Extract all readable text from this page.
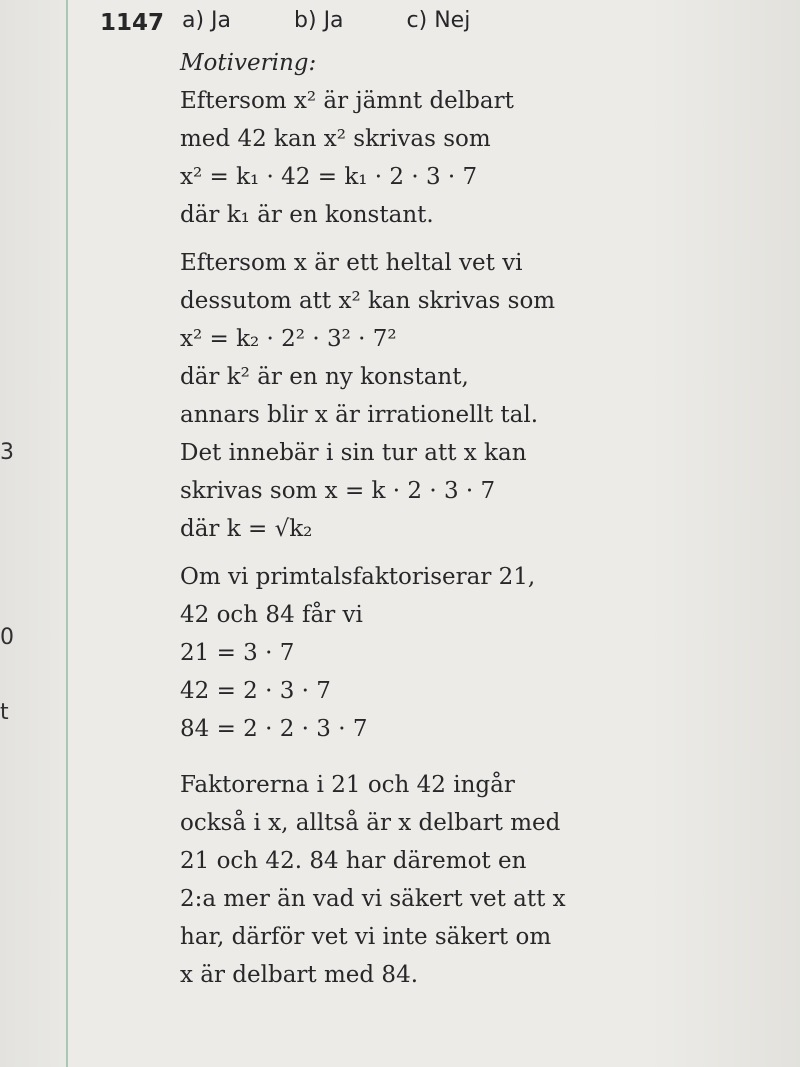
3
0
t
1147 a) Ja	b) Ja	c) Nej
Motivering:
Eftersom x² är jämnt delbart
med 42 kan x² skrivas som
x² = k₁ · 42 = k₁ · 2 · 3 · 7
där k₁ är en konstant.
Eftersom x är ett heltal vet vi
dessutom att x² kan skrivas som
x² = k₂ · 2² · 3² · 7²
där k² är en ny konstant,
annars blir x är irrationellt tal.
Det innebär i sin tur att x kan
skrivas som x = k · 2 · 3 · 7
där k = √k₂
Om vi primtalsfaktoriserar 21,
42 och 84 får vi
21 = 3 · 7
42 = 2 · 3 · 7
84 = 2 · 2 · 3 · 7
Faktorerna i 21 och 42 ingår
också i x, alltså är x delbart med
21 och 42. 84 har däremot en
2:a mer än vad vi säkert vet att x
har, därför vet vi inte säkert om
x är delbart med 84.
